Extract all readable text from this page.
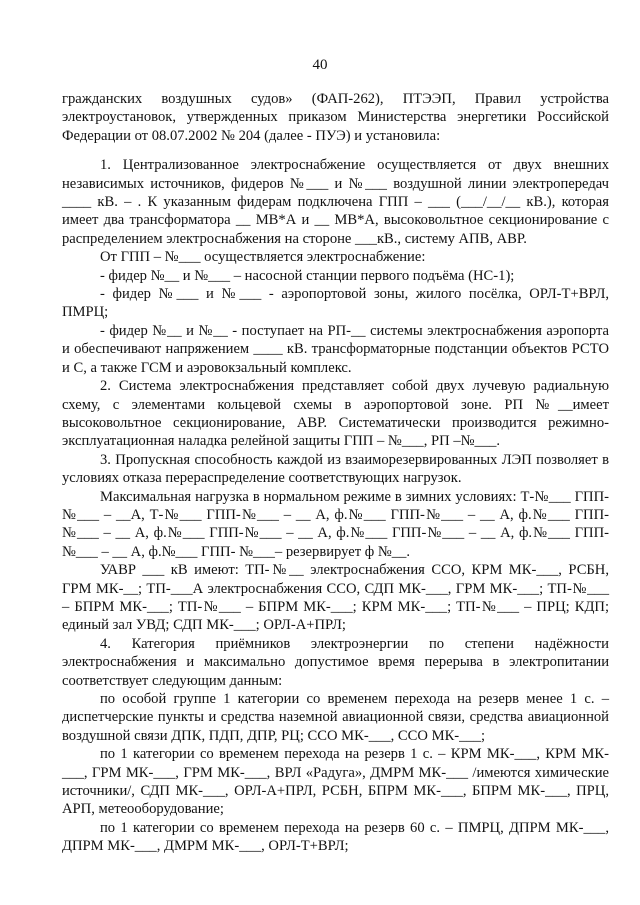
40

гражданских воздушных судов» (ФАП-262), ПТЭЭП, Правил устройства электроустановок, утвержденных приказом Министерства энергетики Российской Федерации от 08.07.2002 № 204 (далее - ПУЭ) и установила:

1. Централизованное электроснабжение осуществляется от двух внешних независимых источников, фидеров №___ и №___ воздушной линии электропередач ____ кВ. – . К указанным фидерам подключена ГПП – ___ (___/__/__ кВ.), которая имеет два трансформатора __ МВ*А и __ МВ*А, высоковольтное секционирование с распределением электроснабжения на стороне ___кВ., систему АПВ, АВР.

От ГПП – №___ осуществляется электроснабжение:

- фидер №__ и №___ – насосной станции первого подъёма (НС-1);

- фидер №___ и №___ - аэропортовой зоны, жилого посёлка, ОРЛ-Т+ВРЛ, ПМРЦ;

- фидер №__ и №__ - поступает на РП-__ системы электроснабжения аэропорта и обеспечивают напряжением ____ кВ. трансформаторные подстанции объектов РСТО и С, а также ГСМ и аэровокзальный комплекс.

2. Система электроснабжения представляет собой двух лучевую радиальную схему, с элементами кольцевой схемы в аэропортовой зоне. РП №__имеет высоковольтное секционирование, АВР. Систематически производится режимно-эксплуатационная наладка релейной защиты ГПП – №___, РП –№___.

3. Пропускная способность каждой из взаиморезервированных ЛЭП позволяет в условиях отказа перераспределение соответствующих нагрузок.

Максимальная нагрузка в нормальном режиме в зимних условиях: Т-№___ ГПП-№___ – __А, Т-№___ ГПП-№___ – __ А, ф.№___ ГПП-№___ – __ А, ф.№___ ГПП-№___ – __ А, ф.№___ ГПП-№___ – __ А, ф.№___ ГПП-№___ – __ А, ф.№___ ГПП-№___ – __ А, ф.№___ ГПП- №___– резервирует ф №__.

УАВР ___ кВ имеют: ТП-№__ электроснабжения ССО, КРМ МК-___, РСБН, ГРМ МК-__; ТП-___А электроснабжения ССО, СДП МК-___, ГРМ МК-___; ТП-№___ – БПРМ МК-___; ТП-№___ – БПРМ МК-___; КРМ МК-___; ТП-№___ – ПРЦ; КДП; единый зал УВД; СДП МК-___; ОРЛ-А+ПРЛ;

4. Категория приёмников электроэнергии по степени надёжности электроснабжения и максимально допустимое время перерыва в электропитании соответствует следующим данным:

по особой группе 1 категории со временем перехода на резерв менее 1 с. – диспетчерские пункты и средства наземной авиационной связи, средства авиационной воздушной связи ДПК, ПДП, ДПР, РЦ; ССО МК-___, ССО МК-___;

по 1 категории со временем перехода на резерв 1 с. – КРМ МК-___, КРМ МК-___, ГРМ МК-___, ГРМ МК-___, ВРЛ «Радуга», ДМРМ МК-___ /имеются химические источники/, СДП МК-___, ОРЛ-А+ПРЛ, РСБН, БПРМ МК-___, БПРМ МК-___, ПРЦ, АРП, метеооборудование;

по 1 категории со временем перехода на резерв 60 с. – ПМРЦ, ДПРМ МК-___, ДПРМ МК-___, ДМРМ МК-___, ОРЛ-Т+ВРЛ;
